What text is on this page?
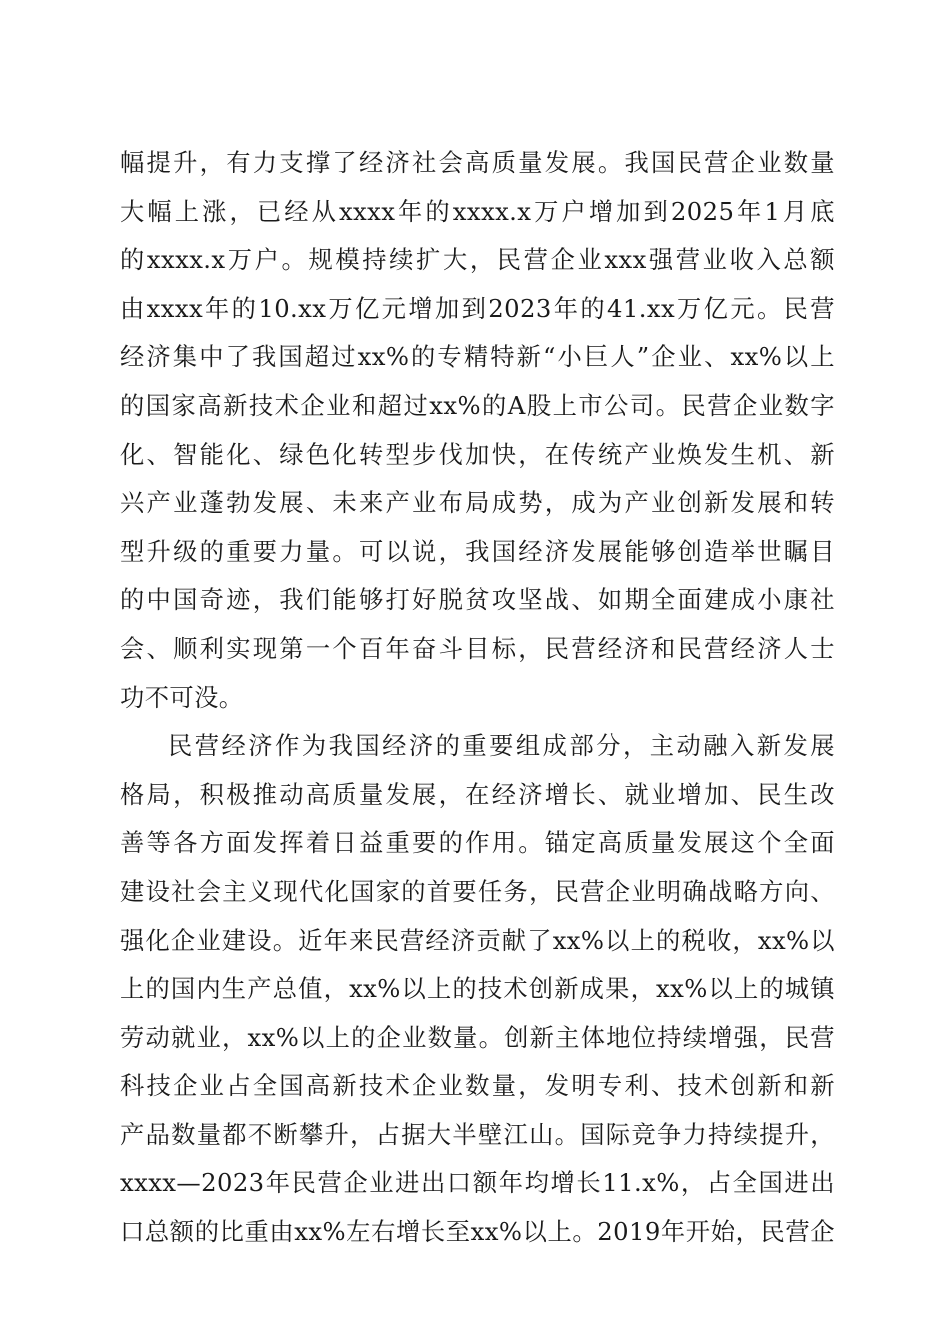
幅提升，有力支撑了经济社会高质量发展。我国民营企业数量
大幅上涨，已经从xxxx年的xxxx.x万户增加到2025年1月底
的xxxx.x万户。规模持续扩大，民营企业xxx强营业收入总额
由xxxx年的10.xx万亿元增加到2023年的41.xx万亿元。民营
经济集中了我国超过xx%的专精特新“小巨人”企业、xx%以上
的国家高新技术企业和超过xx%的A股上市公司。民营企业数字
化、智能化、绿色化转型步伐加快，在传统产业焕发生机、新
兴产业蓬勃发展、未来产业布局成势，成为产业创新发展和转
型升级的重要力量。可以说，我国经济发展能够创造举世瞩目
的中国奇迹，我们能够打好脱贫攻坚战、如期全面建成小康社
会、顺利实现第一个百年奋斗目标，民营经济和民营经济人士
功不可没。
民营经济作为我国经济的重要组成部分，主动融入新发展
格局，积极推动高质量发展，在经济增长、就业增加、民生改
善等各方面发挥着日益重要的作用。锚定高质量发展这个全面
建设社会主义现代化国家的首要任务，民营企业明确战略方向、
强化企业建设。近年来民营经济贡献了xx%以上的税收，xx%以
上的国内生产总值，xx%以上的技术创新成果，xx%以上的城镇
劳动就业，xx%以上的企业数量。创新主体地位持续增强，民营
科技企业占全国高新技术企业数量，发明专利、技术创新和新
产品数量都不断攀升，占据大半壁江山。国际竞争力持续提升，
xxxx—2023年民营企业进出口额年均增长11.x%，占全国进出
口总额的比重由xx%左右增长至xx%以上。2019年开始，民营企
